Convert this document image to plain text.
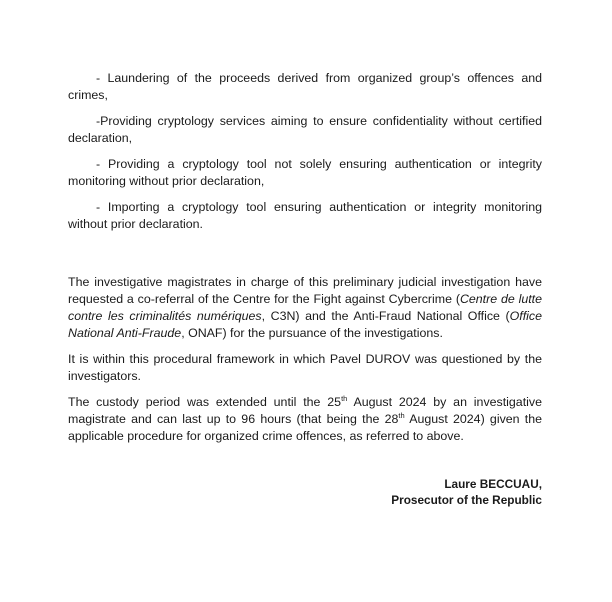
- Laundering of the proceeds derived from organized group’s offences and crimes,

-Providing cryptology services aiming to ensure confidentiality without certified declaration,

- Providing a cryptology tool not solely ensuring authentication or integrity monitoring without prior declaration,

- Importing a cryptology tool ensuring authentication or integrity monitoring without prior declaration.

The investigative magistrates in charge of this preliminary judicial investigation have requested a co-referral of the Centre for the Fight against Cybercrime (Centre de lutte contre les criminalités numériques, C3N) and the Anti-Fraud National Office (Office National Anti-Fraude, ONAF) for the pursuance of the investigations.

It is within this procedural framework in which Pavel DUROV was questioned by the investigators.

The custody period was extended until the 25th August 2024 by an investigative magistrate and can last up to 96 hours (that being the 28th August 2024) given the applicable procedure for organized crime offences, as referred to above.

Laure BECCUAU,
Prosecutor of the Republic
